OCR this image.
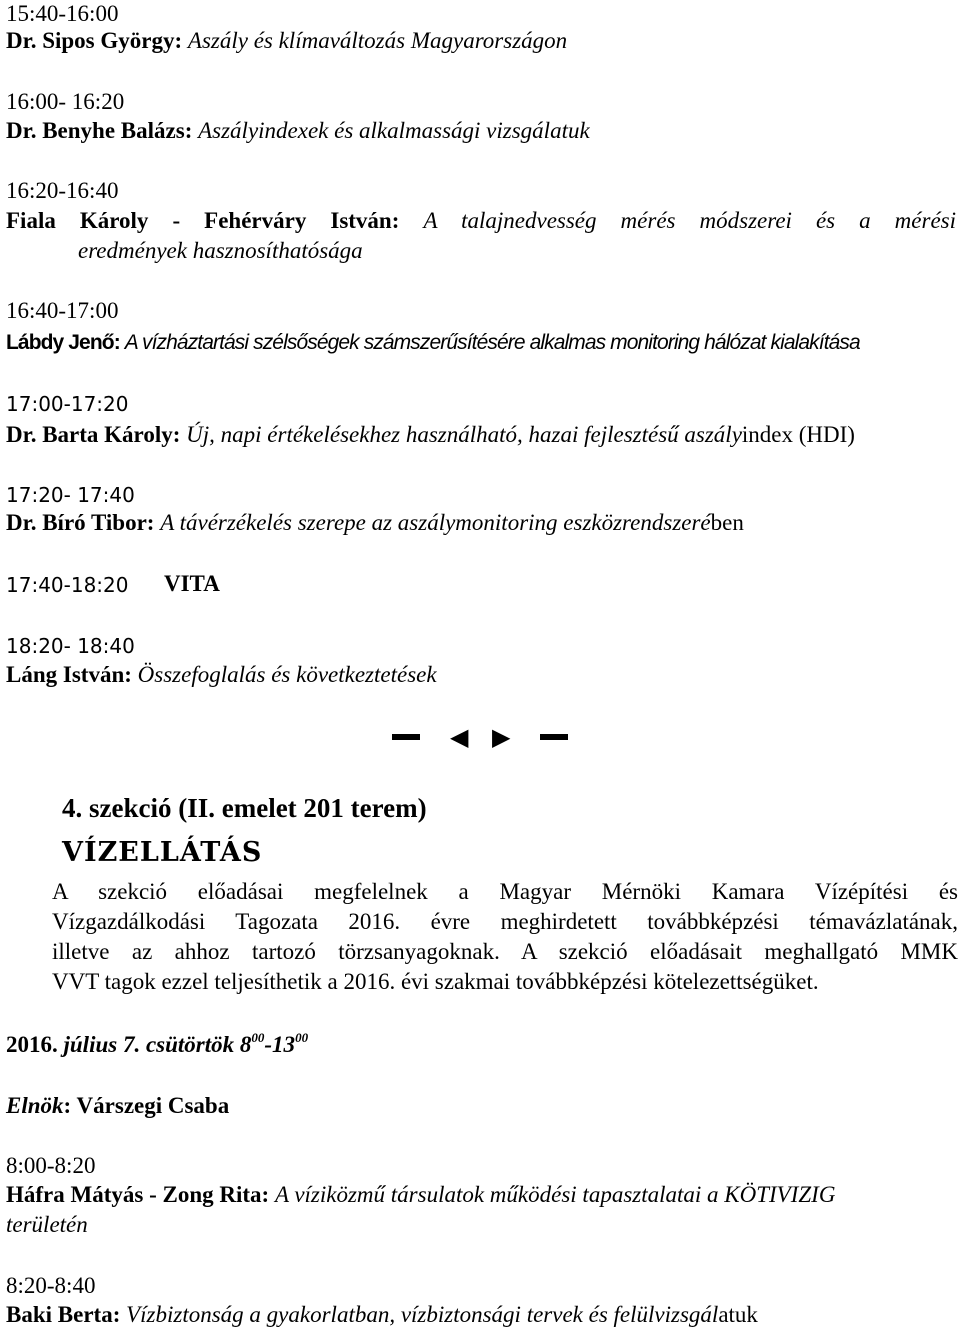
15:40-16:00
Dr. Sipos György: Aszály és klímaváltozás Magyarországon
16:00- 16:20
Dr. Benyhe Balázs: Aszályindexek és alkalmassági vizsgálatuk
16:20-16:40
Fiala Károly - Fehérváry István: A talajnedvesség mérés módszerei és a mérési
eredmények hasznosíthatósága
16:40-17:00
Lábdy Jenő: A vízháztartási szélsőségek számszerűsítésére alkalmas monitoring hálózat kialakítása
17:00-17:20
Dr. Barta Károly: Új, napi értékelésekhez használható, hazai fejlesztésű aszályindex (HDI)
17:20- 17:40
Dr. Bíró Tibor: A távérzékelés szerepe az aszálymonitoring eszközrendszerében
17:40-18:20 VITA
18:20- 18:40
Láng István: Összefoglalás és következtetések
◀ ▶
4. szekció (II. emelet 201 terem)
VÍZELLÁTÁS
A szekció előadásai megfelelnek a Magyar Mérnöki Kamara Vízépítési és
Vízgazdálkodási Tagozata 2016. évre meghirdetett továbbképzési témavázlatának,
illetve az ahhoz tartozó törzsanyagoknak. A szekció előadásait meghallgató MMK
VVT tagok ezzel teljesíthetik a 2016. évi szakmai továbbképzési kötelezettségüket.
2016. július 7. csütörtök $8^{00}-13^{00}$
Elnök: Várszegi Csaba
8:00-8:20
Háfra Mátyás - Zong Rita: A víziközmű társulatok működési tapasztalatai a KÖTIVIZIG
területén
8:20-8:40
Baki Berta: Vízbiztonság a gyakorlatban, vízbiztonsági tervek és felülvizsgálatuk
